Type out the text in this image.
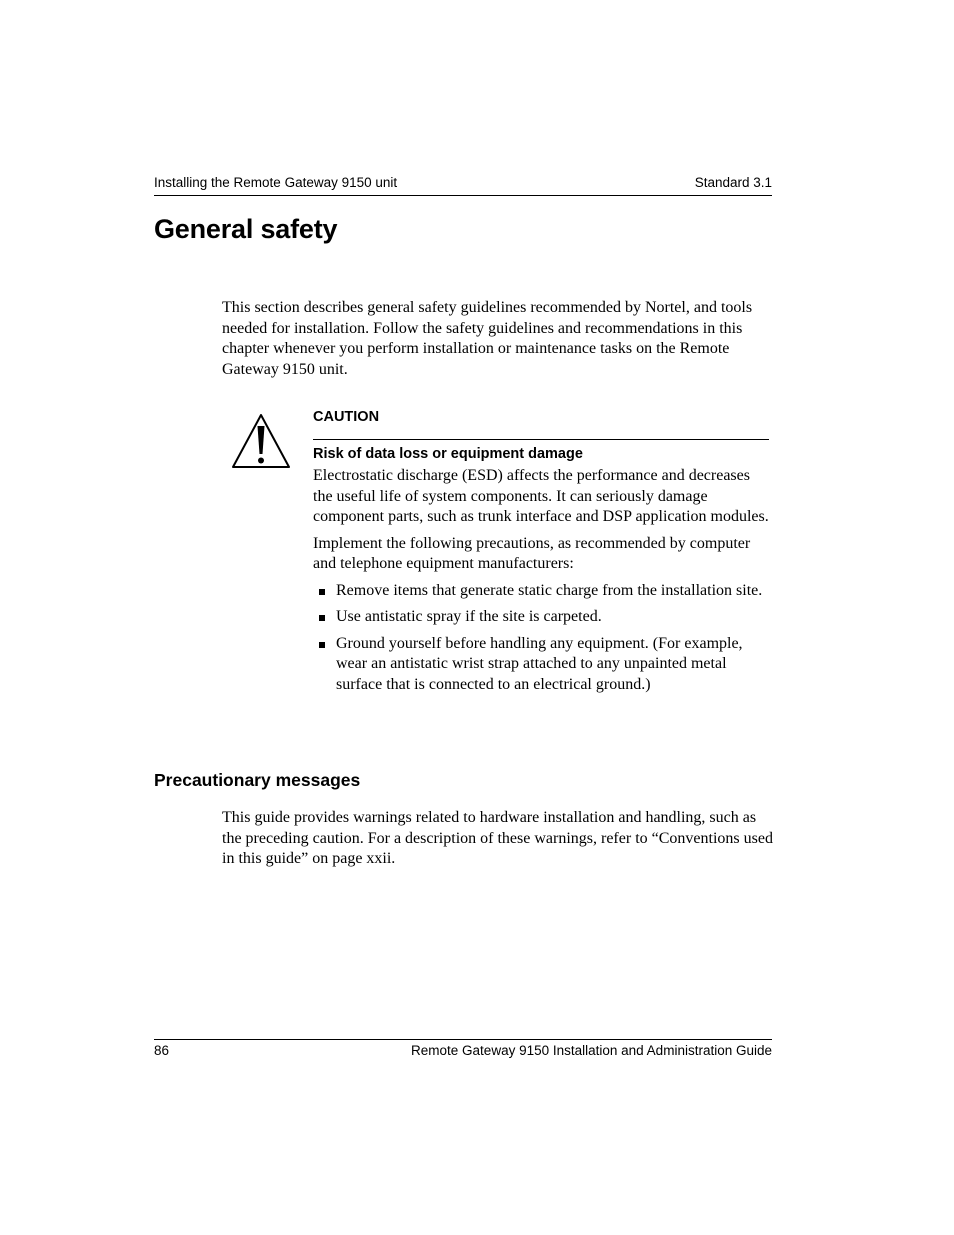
Installing the Remote Gateway 9150 unit	Standard 3.1
General safety

This section describes general safety guidelines recommended by Nortel, and tools needed for installation. Follow the safety guidelines and recommendations in this chapter whenever you perform installation or maintenance tasks on the Remote Gateway 9150 unit.

CAUTION
Risk of data loss or equipment damage

Electrostatic discharge (ESD) affects the performance and decreases the useful life of system components. It can seriously damage component parts, such as trunk interface and DSP application modules.

Implement the following precautions, as recommended by computer and telephone equipment manufacturers:

Remove items that generate static charge from the installation site.
Use antistatic spray if the site is carpeted.
Ground yourself before handling any equipment. (For example, wear an antistatic wrist strap attached to any unpainted metal surface that is connected to an electrical ground.)
Precautionary messages

This guide provides warnings related to hardware installation and handling, such as the preceding caution. For a description of these warnings, refer to “Conventions used in this guide” on page xxii.

86	Remote Gateway 9150 Installation and Administration Guide
